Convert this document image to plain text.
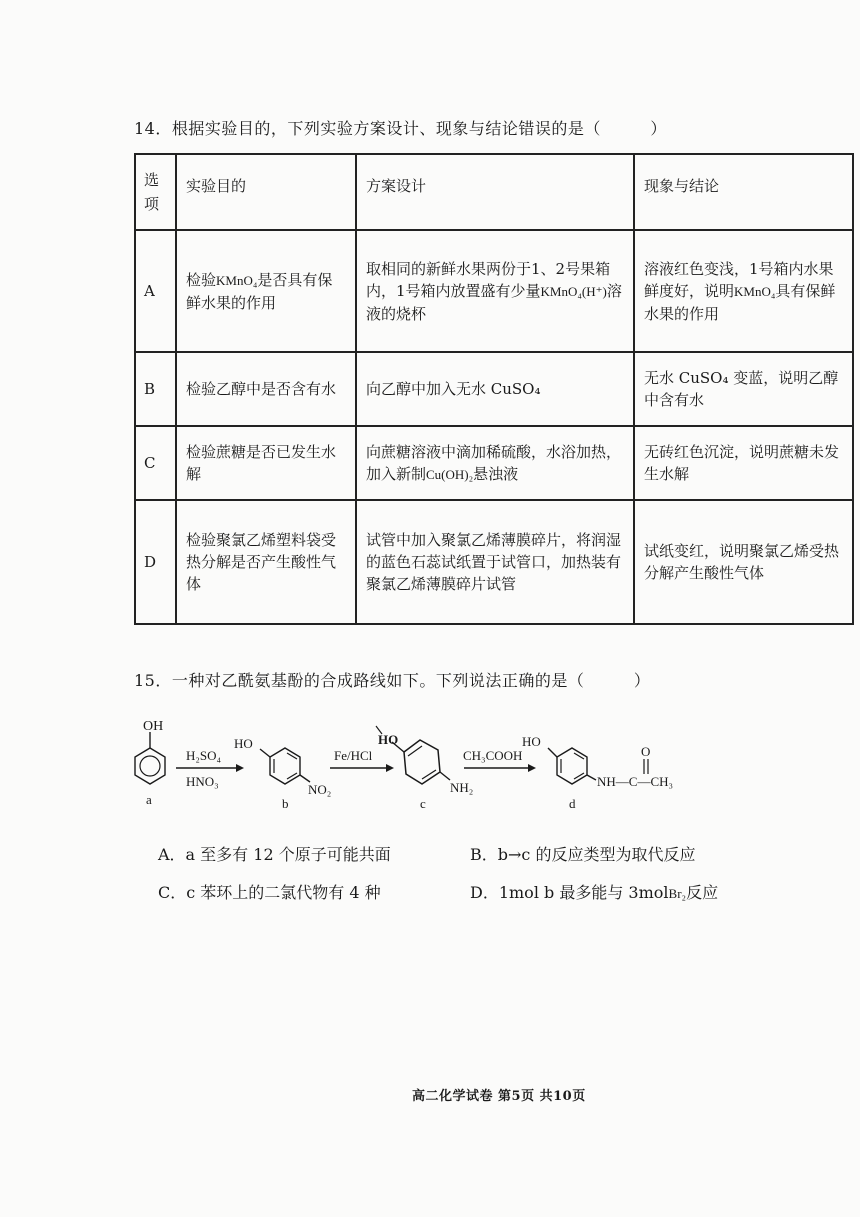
14．根据实验目的，下列实验方案设计、现象与结论错误的是（　　　）
选项	实验目的	方案设计	现象与结论
A	检验KMnO₄是否具有保鲜水果的作用	取相同的新鲜水果两份于1、2号果箱内，1号箱内放置盛有少量KMnO₄(H⁺)溶液的烧杯	溶液红色变浅，1号箱内水果鲜度好，说明KMnO₄具有保鲜水果的作用
B	检验乙醇中是否含有水	向乙醇中加入无水 CuSO₄	无水 CuSO₄ 变蓝，说明乙醇中含有水
C	检验蔗糖是否已发生水解	向蔗糖溶液中滴加稀硫酸，水浴加热，加入新制Cu(OH)₂悬浊液	无砖红色沉淀，说明蔗糖未发生水解
D	检验聚氯乙烯塑料袋受热分解是否产生酸性气体	试管中加入聚氯乙烯薄膜碎片，将润湿的蓝色石蕊试纸置于试管口，加热装有聚氯乙烯薄膜碎片试管	试纸变红，说明聚氯乙烯受热分解产生酸性气体
15．一种对乙酰氨基酚的合成路线如下。下列说法正确的是（　　　）
OH
a
H₂SO₄
HNO₃
HO
NO₂
b
Fe/HCl
HO
NH₂
c
CH₃COOH
HO
NH—C—CH₃
O
d
A．a 至多有 12 个原子可能共面	B．b→c 的反应类型为取代反应
C．c 苯环上的二氯代物有 4 种	D．1mol b 最多能与 3molBr₂反应
高二化学试卷 第5页 共10页
